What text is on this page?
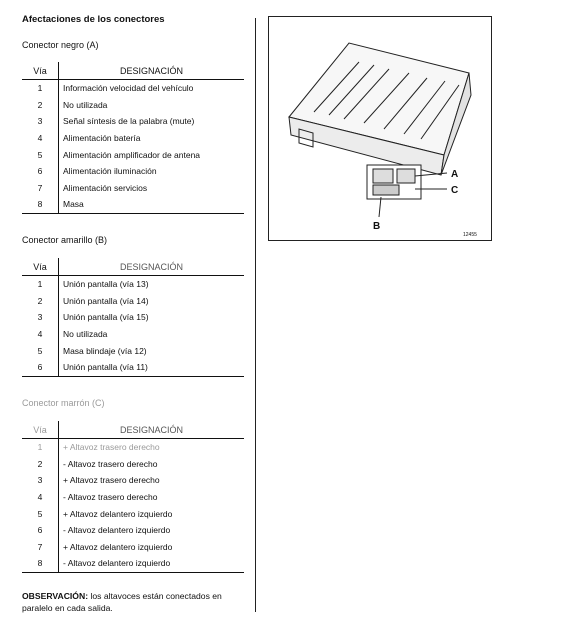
Afectaciones de los conectores
Conector negro (A)
Vía	DESIGNACIÓN
1	Información velocidad del vehículo
2	No utilizada
3	Señal síntesis de la palabra (mute)
4	Alimentación batería
5	Alimentación amplificador de antena
6	Alimentación iluminación
7	Alimentación servicios
8	Masa
Conector amarillo (B)
Vía	DESIGNACIÓN
1	Unión pantalla (vía 13)
2	Unión pantalla (vía 14)
3	Unión pantalla (vía 15)
4	No utilizada
5	Masa blindaje (vía 12)
6	Unión pantalla (vía 11)
Conector marrón (C)
Vía	DESIGNACIÓN
1	+ Altavoz trasero derecho
2	- Altavoz trasero derecho
3	+ Altavoz trasero derecho
4	- Altavoz trasero derecho
5	+ Altavoz delantero izquierdo
6	- Altavoz delantero izquierdo
7	+ Altavoz delantero izquierdo
8	- Altavoz delantero izquierdo
OBSERVACIÓN: los altavoces están conectados en paralelo en cada salida.
A
C
B
12455
